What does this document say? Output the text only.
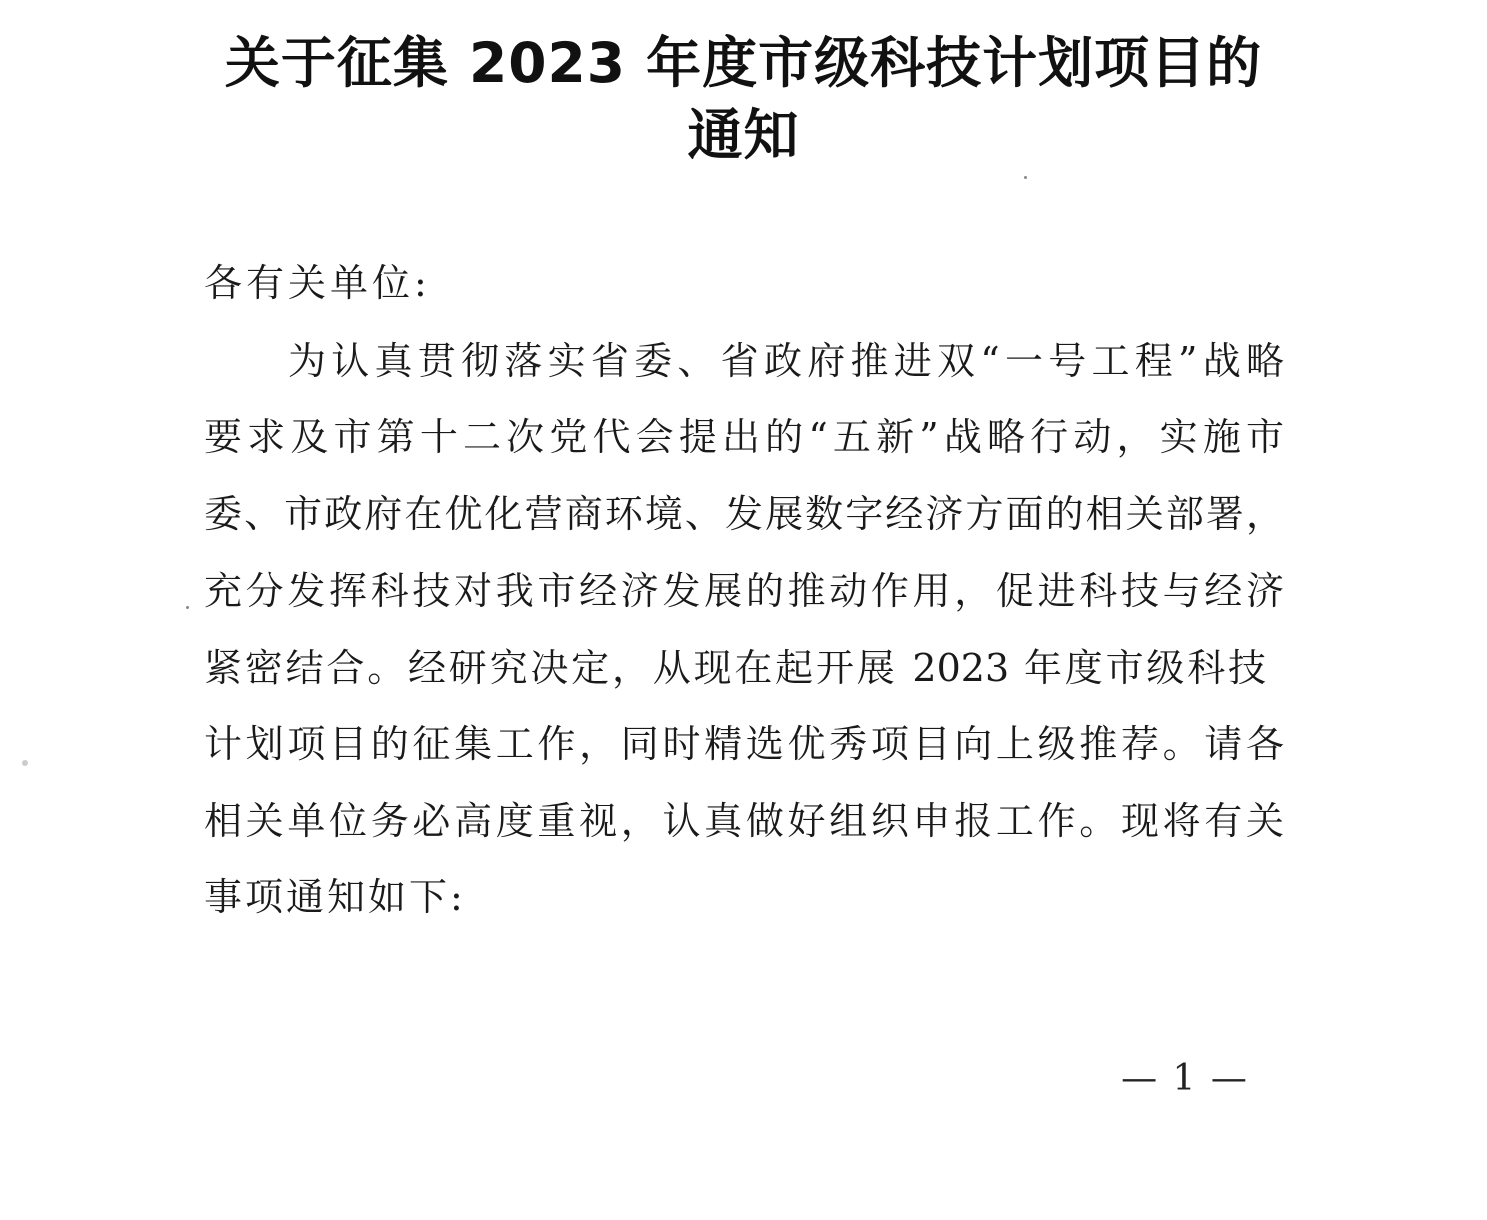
关于征集 2023 年度市级科技计划项目的
通知

各有关单位:

为认真贯彻落实省委、省政府推进双“一号工程”战略

要求及市第十二次党代会提出的“五新”战略行动，实施市

委、市政府在优化营商环境、发展数字经济方面的相关部署，

充分发挥科技对我市经济发展的推动作用，促进科技与经济

紧密结合。经研究决定，从现在起开展 2023 年度市级科技

计划项目的征集工作，同时精选优秀项目向上级推荐。请各

相关单位务必高度重视，认真做好组织申报工作。现将有关

事项通知如下:

— 1 —
